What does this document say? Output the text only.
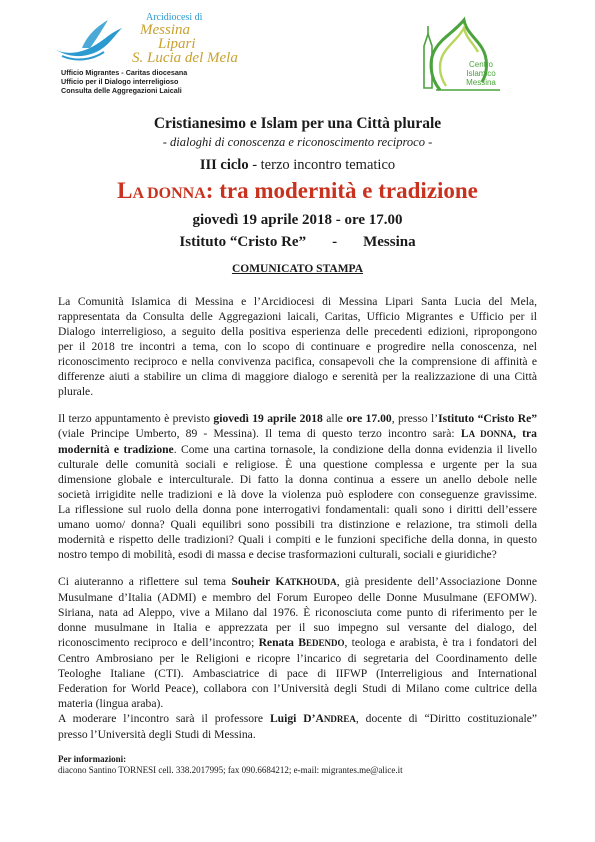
Arcidiocesi di
Messina
Lipari
S. Lucia del Mela
Ufficio Migrantes - Caritas diocesana
Ufficio per il Dialogo interreligioso
Consulta delle Aggregazioni Laicali
Centro
Islamico
Messina
Cristianesimo e Islam per una Città plurale
- dialoghi di conoscenza e riconoscimento reciproco -
III ciclo - terzo incontro tematico
LA DONNA: tra modernità e tradizione
giovedì 19 aprile 2018 - ore 17.00
Istituto “Cristo Re” - Messina
COMUNICATO STAMPA
La Comunità Islamica di Messina e l’Arcidiocesi di Messina Lipari Santa Lucia del Mela,
rappresentata da Consulta delle Aggregazioni laicali, Caritas, Ufficio Migrantes e Ufficio per il
Dialogo interreligioso, a seguito della positiva esperienza delle precedenti edizioni, ripropongono
per il 2018 tre incontri a tema, con lo scopo di continuare e progredire nella conoscenza, nel
riconoscimento reciproco e nella convivenza pacifica, consapevoli che la comprensione di affinità e
differenze aiuti a stabilire un clima di maggiore dialogo e serenità per la realizzazione di una Città
plurale.
Il terzo appuntamento è previsto giovedì 19 aprile 2018 alle ore 17.00, presso l’Istituto “Cristo Re”
(viale Principe Umberto, 89 - Messina). Il tema di questo terzo incontro sarà: LA DONNA, tra
modernità e tradizione. Come una cartina tornasole, la condizione della donna evidenzia il livello
culturale delle comunità sociali e religiose. È una questione complessa e urgente per la sua
dimensione globale e interculturale. Di fatto la donna continua a essere un anello debole nelle
società irrigidite nelle tradizioni e là dove la violenza può esplodere con conseguenze gravissime.
La riflessione sul ruolo della donna pone interrogativi fondamentali: quali sono i diritti dell’essere
umano uomo/ donna? Quali equilibri sono possibili tra distinzione e relazione, tra stimoli della
modernità e rispetto delle tradizioni? Quali i compiti e le funzioni specifiche della donna, in questo
nostro tempo di mobilità, esodi di massa e decise trasformazioni culturali, sociali e giuridiche?
Ci aiuteranno a riflettere sul tema Souheir KATKHOUDA, già presidente dell’Associazione Donne
Musulmane d’Italia (ADMI) e membro del Forum Europeo delle Donne Musulmane (EFOMW).
Siriana, nata ad Aleppo, vive a Milano dal 1976. È riconosciuta come punto di riferimento per le
donne musulmane in Italia e apprezzata per il suo impegno sul versante del dialogo, del
riconoscimento reciproco e dell’incontro; Renata BEDENDO, teologa e arabista, è tra i fondatori del
Centro Ambrosiano per le Religioni e ricopre l’incarico di segretaria del Coordinamento delle
Teologhe Italiane (CTI). Ambasciatrice di pace di IIFWP (Interreligious and International
Federation for World Peace), collabora con l’Università degli Studi di Milano come cultrice della
materia (lingua araba).
A moderare l’incontro sarà il professore Luigi D’ANDREA, docente di “Diritto costituzionale”
presso l’Università degli Studi di Messina.
Per informazioni:
diacono Santino TORNESI cell. 338.2017995; fax 090.6684212; e-mail: migrantes.me@alice.it
